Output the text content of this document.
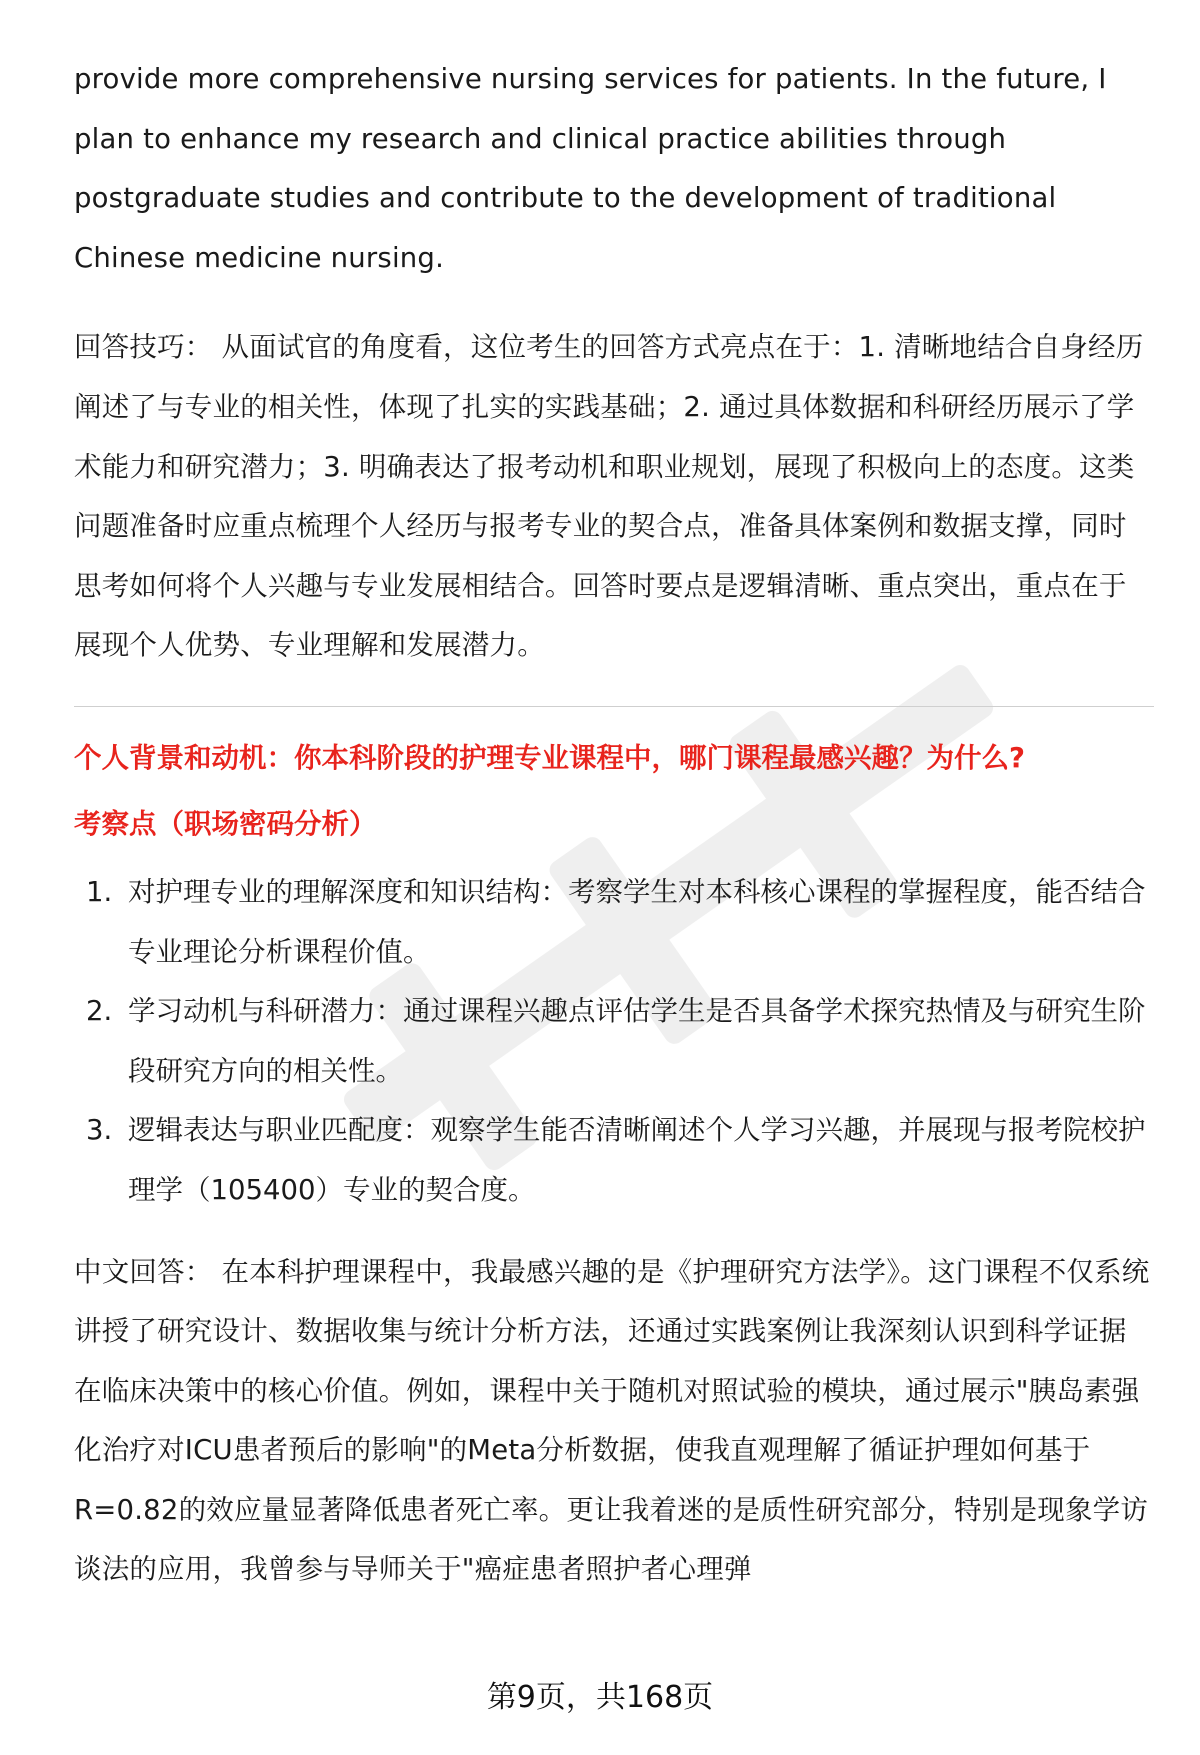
provide more comprehensive nursing services for patients. In the future, I plan to enhance my research and clinical practice abilities through postgraduate studies and contribute to the development of traditional Chinese medicine nursing.

回答技巧： 从面试官的角度看，这位考生的回答方式亮点在于：1. 清晰地结合自身经历阐述了与专业的相关性，体现了扎实的实践基础；2. 通过具体数据和科研经历展示了学术能力和研究潜力；3. 明确表达了报考动机和职业规划，展现了积极向上的态度。这类问题准备时应重点梳理个人经历与报考专业的契合点，准备具体案例和数据支撑，同时思考如何将个人兴趣与专业发展相结合。回答时要点是逻辑清晰、重点突出，重点在于展现个人优势、专业理解和发展潜力。

个人背景和动机：你本科阶段的护理专业课程中，哪门课程最感兴趣？为什么?

考察点（职场密码分析）

1. 对护理专业的理解深度和知识结构：考察学生对本科核心课程的掌握程度，能否结合专业理论分析课程价值。
2. 学习动机与科研潜力：通过课程兴趣点评估学生是否具备学术探究热情及与研究生阶段研究方向的相关性。
3. 逻辑表达与职业匹配度：观察学生能否清晰阐述个人学习兴趣，并展现与报考院校护理学（105400）专业的契合度。

中文回答： 在本科护理课程中，我最感兴趣的是《护理研究方法学》。这门课程不仅系统讲授了研究设计、数据收集与统计分析方法，还通过实践案例让我深刻认识到科学证据在临床决策中的核心价值。例如，课程中关于随机对照试验的模块，通过展示"胰岛素强化治疗对ICU患者预后的影响"的Meta分析数据，使我直观理解了循证护理如何基于R=0.82的效应量显著降低患者死亡率。更让我着迷的是质性研究部分，特别是现象学访谈法的应用，我曾参与导师关于"癌症患者照护者心理弹

第9页，共168页
